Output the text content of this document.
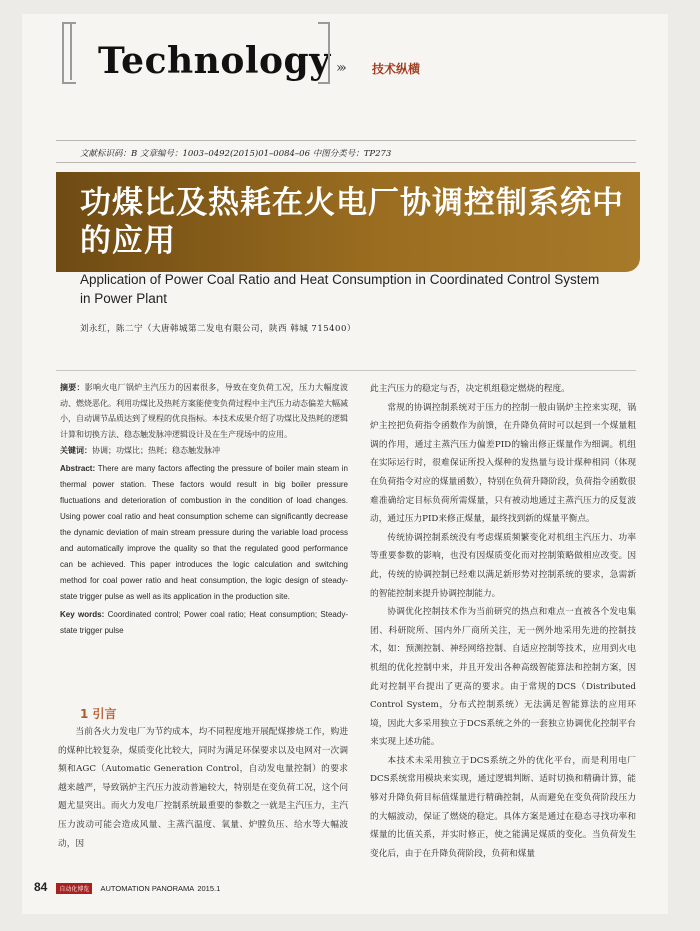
Technology ››› 技术纵横
文献标识码：B 文章编号：1003–0492(2015)01–0084–06 中图分类号：TP273
功煤比及热耗在火电厂协调控制系统中的应用
Application of Power Coal Ratio and Heat Consumption in Coordinated Control System in Power Plant
刘永红，陈二宁（大唐韩城第二发电有限公司，陕西 韩城 715400）
摘要：影响火电厂锅炉主汽压力的因素很多，导致在变负荷工况，压力大幅度波动、燃烧恶化。利用功煤比及热耗方案能使变负荷过程中主汽压力动态偏差大幅减小，自动调节品质达到了规程的优良指标。本技术成果介绍了功煤比及热耗的逻辑计算和切换方法、稳态触发脉冲逻辑设计及在生产现场中的应用。
关键词：协调；功煤比；热耗；稳态触发脉冲
Abstract: There are many factors affecting the pressure of boiler main steam in thermal power station. These factors would result in big boiler pressure fluctuations and deterioration of combustion in the condition of load changes. Using power coal ratio and heat consumption scheme can significantly decrease the dynamic deviation of main stream pressure during the variable load process and automatically improve the quality so that the regulated good performance can be achieved. This paper introduces the logic calculation and switching method for coal power ratio and heat consumption, the logic design of steady-state trigger pulse as well as its application in the production site.
Key words: Coordinated control; Power coal ratio; Heat consumption; Steady-state trigger pulse
1 引言
当前各火力发电厂为节约成本，均不同程度地开展配煤掺烧工作，购进的煤种比较复杂，煤质变化比较大，同时为满足环保要求以及电网对一次调频和AGC（Automatic Generation Control，自动发电量控制）的要求越来越严，导致锅炉主汽压力波动普遍较大，特别是在变负荷工况，这个问题尤显突出。而火力发电厂控制系统最重要的参数之一就是主汽压力，主汽压力波动可能会造成风量、主蒸汽温度、氧量、炉膛负压、给水等大幅波动，因

此主汽压力的稳定与否，决定机组稳定燃烧的程度。

常规的协调控制系统对于压力的控制一般由锅炉主控来实现，锅炉主控把负荷指令函数作为前馈，在升降负荷时可以起到一个煤量粗调的作用，通过主蒸汽压力偏差PID的输出修正煤量作为细调。机组在实际运行时，很难保证所投入煤种的发热量与设计煤种相同（体现在负荷指令对应的煤量函数），特别在负荷升降阶段，负荷指令函数很难准确给定目标负荷所需煤量，只有被动地通过主蒸汽压力的反复波动，通过压力PID来修正煤量，最终找到新的煤量平衡点。

传统协调控制系统没有考虑煤质频繁变化对机组主汽压力、功率等重要参数的影响，也没有因煤质变化而对控制策略做相应改变。因此，传统的协调控制已经难以满足新形势对控制系统的要求，急需新的智能控制来提升协调控制能力。

协调优化控制技术作为当前研究的热点和难点一直被各个发电集团、科研院所、国内外厂商所关注，无一例外地采用先进的控制技术，如：预测控制、神经网络控制、自适应控制等技术，应用到火电机组的优化控制中来，并且开发出各种高级智能算法和控制方案，因此对控制平台提出了更高的要求。由于常规的DCS（Distributed Control System，分布式控制系统）无法满足智能算法的应用环境，因此大多采用独立于DCS系统之外的一套独立协调优化控制平台来实现上述功能。

本技术未采用独立于DCS系统之外的优化平台，而是利用电厂DCS系统常用模块来实现，通过逻辑判断、适时切换和精确计算，能够对升降负荷目标值煤量进行精确控制，从而避免在变负荷阶段压力的大幅波动，保证了燃烧的稳定。具体方案是通过在稳态寻找功率和煤量的比值关系，并实时修正，使之能满足煤质的变化。当负荷发生变化后，由于在升降负荷阶段，负荷和煤量

84 自动化博览 AUTOMATION PANORAMA 2015.1
